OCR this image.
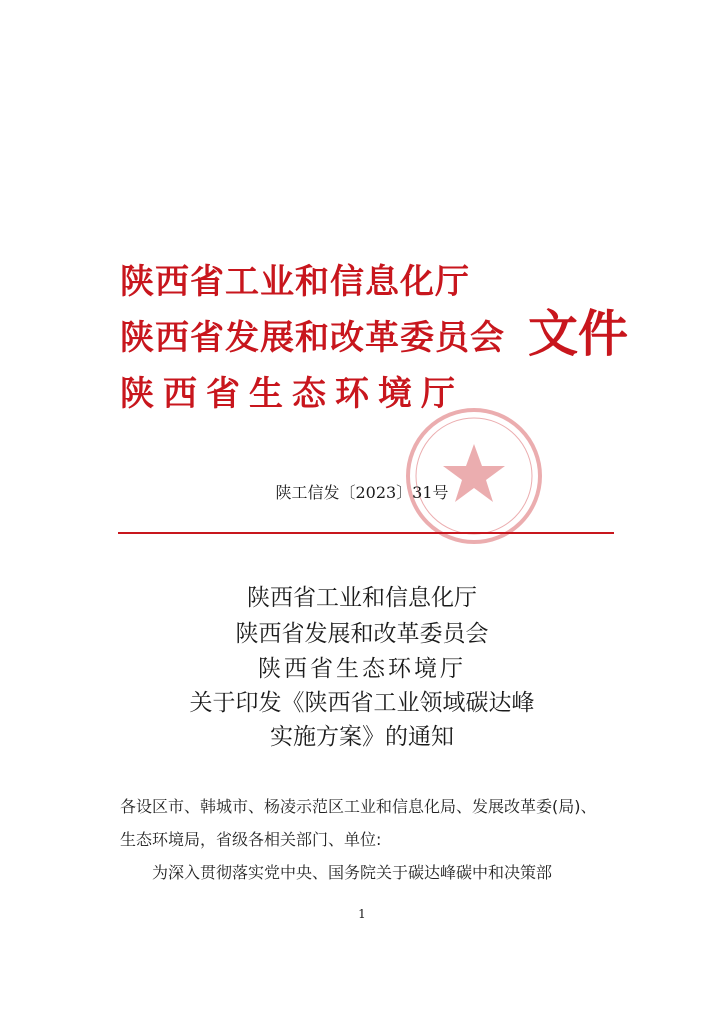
陕西省工业和信息化厅
陕西省发展和改革委员会
陕西省生态环境厅
文件
陕工信发〔2023〕31号
陕西省工业和信息化厅
陕西省发展和改革委员会
陕西省生态环境厅
关于印发《陕西省工业领域碳达峰
实施方案》的通知
各设区市、韩城市、杨凌示范区工业和信息化局、发展改革委(局)、
生态环境局，省级各相关部门、单位:
为深入贯彻落实党中央、国务院关于碳达峰碳中和决策部
1
